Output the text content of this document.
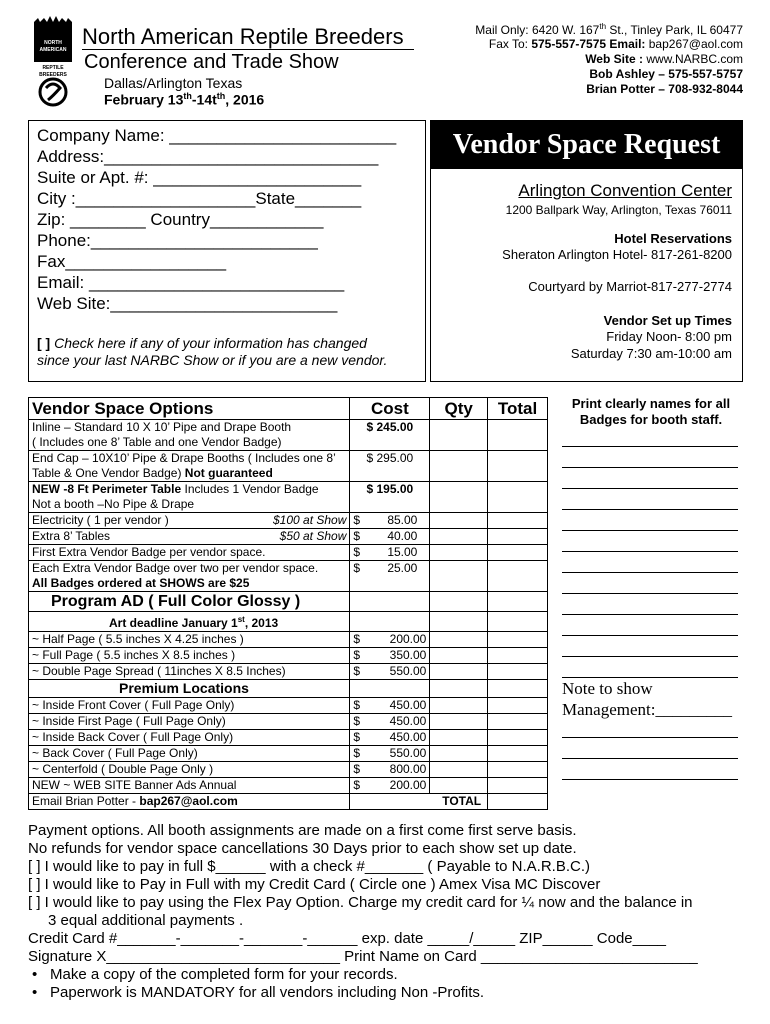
NORTH
AMERICAN
REPTILE
BREEDERS
North American Reptile Breeders
Conference and Trade Show
Dallas/Arlington Texas
February $13th-14t^{th}$, 2016
Mail Only: 6420 W. 167th St., Tinley Park, IL 60477
Fax To: 575-557-7575 Email: bap267@aol.com
Web Site : www.NARBC.com
Bob Ashley – 575-557-5757
Brian Potter – 708-932-8044
Company Name: ________________________
Address:_____________________________
Suite or Apt. #: ______________________
City :___________________State_______
Zip: ________ Country____________
Phone:________________________
Fax_________________
Email: ___________________________
Web Site:________________________
[ ] Check here if any of your information has changed
since your last NARBC Show or if you are a new vendor.
Vendor Space Request
Arlington Convention Center
1200 Ballpark Way, Arlington, Texas 76011
Hotel Reservations
Sheraton Arlington Hotel- 817-261-8200
Courtyard by Marriot-817-277-2774
Vendor Set up Times
Friday Noon- 8:00 pm
Saturday 7:30 am-10:00 am
Vendor Space Options	Cost		Qty	Total

Inline – Standard 10 X 10’ Pipe and Drape Booth
( Includes one 8’ Table and one Vendor Badge)	$ 245.00			

End Cap – 10X10’ Pipe & Drape Booths ( Includes one 8’
Table & One Vendor Badge) Not guaranteed	$ 295.00			

NEW -8 Ft Perimeter Table Includes 1 Vendor Badge
Not a booth –No Pipe & Drape	$ 195.00			
Electricity ( 1 per vendor ) $100 at Show	$	85.00		
Extra 8’ Tables $50 at Show	$	40.00		
First Extra Vendor Badge per vendor space.	$	15.00		

Each Extra Vendor Badge over two per vendor space.
All Badges ordered at SHOWS are $25	$	25.00		
Program AD ( Full Color Glossy )				
Art deadline January 1st, 2013				
~ Half Page ( 5.5 inches X 4.25 inches )	$	200.00		
~ Full Page ( 5.5 inches X 8.5 inches )	$	350.00		
~ Double Page Spread ( 11inches X 8.5 Inches)	$	550.00		
Premium Locations				
~ Inside Front Cover ( Full Page Only)	$	450.00		
~ Inside First Page ( Full Page Only)	$	450.00		
~ Inside Back Cover ( Full Page Only)	$	450.00		
~ Back Cover ( Full Page Only)	$	550.00		
~ Centerfold ( Double Page Only )	$	800.00		
NEW ~ WEB SITE Banner Ads Annual	$	200.00		
Email Brian Potter - bap267@aol.com	TOTAL			
Print clearly names for all Badges for booth staff.
Note to show
Management:_________
Payment options. All booth assignments are made on a first come first serve basis.
No refunds for vendor space cancellations 30 Days prior to each show set up date.
[ ] I would like to pay in full $______ with a check #_______ ( Payable to N.A.R.B.C.)
[ ] I would like to Pay in Full with my Credit Card ( Circle one ) Amex Visa MC Discover
[ ] I would like to pay using the Flex Pay Option. Charge my credit card for ¼ now and the balance in
3 equal additional payments .
Credit Card #_______-_______-_______-______ exp. date _____/_____ ZIP______ Code____
Signature X____________________________ Print Name on Card __________________________
• Make a copy of the completed form for your records.
• Paperwork is MANDATORY for all vendors including Non -Profits.
